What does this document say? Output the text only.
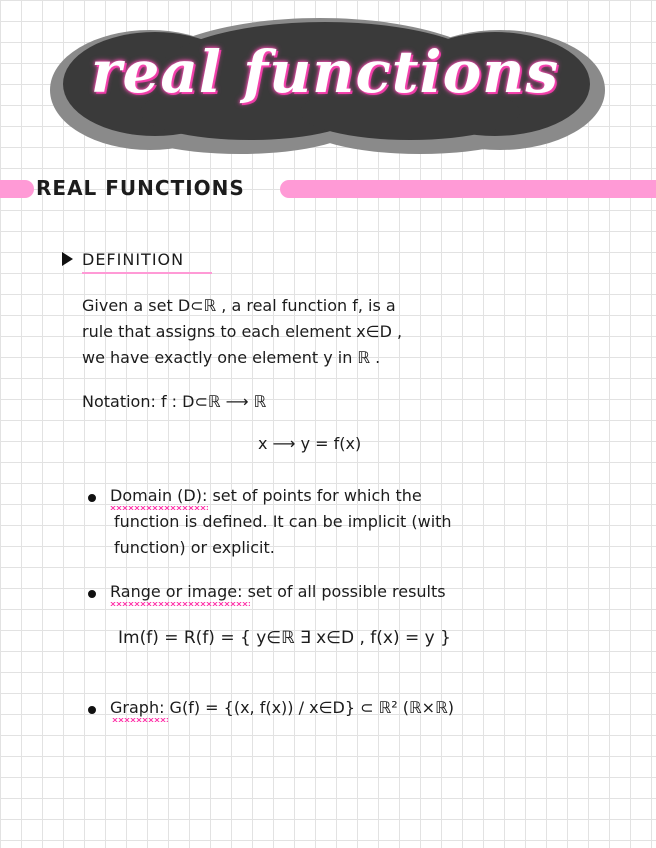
real functions
REAL FUNCTIONS
DEFINITION
Given a set D⊂ℝ , a real function f, is a
rule that assigns to each element x∈D ,
we have exactly one element y in ℝ .
Notation: f : D⊂ℝ ⟶ ℝ
x ⟶ y = f(x)
Domain (D): set of points for which the
function is defined. It can be implicit (with
function) or explicit.
Range or image: set of all possible results
Im(f) = R(f) = { y∈ℝ ∃ x∈D , f(x) = y }
Graph: G(f) = {(x, f(x)) / x∈D} ⊂ ℝ² (ℝ×ℝ)
